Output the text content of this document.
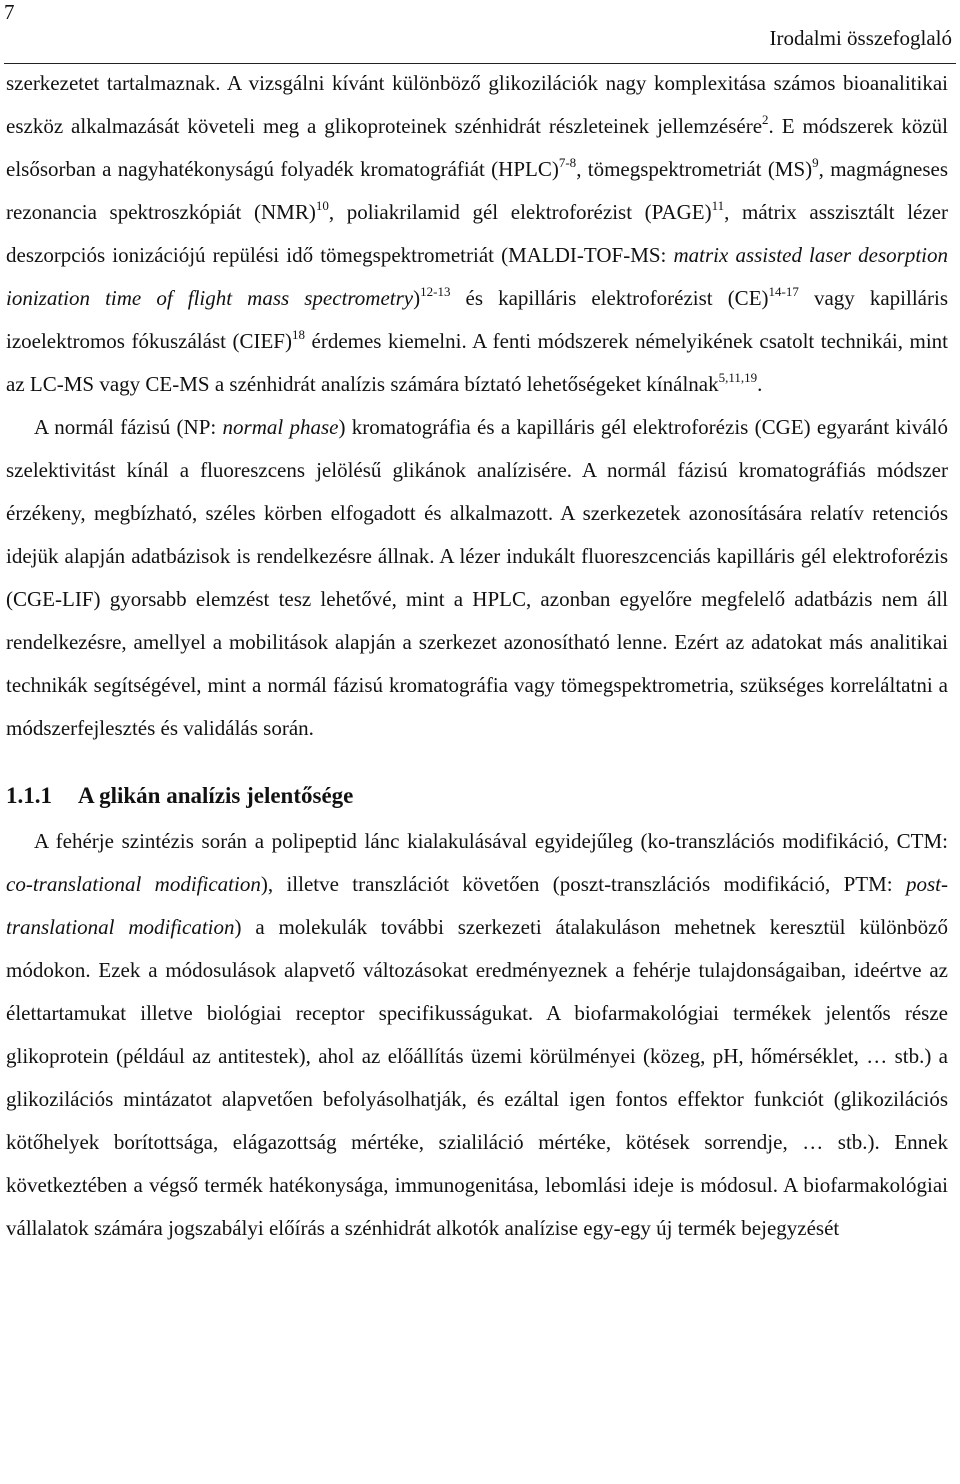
7
Irodalmi összefoglaló

szerkezetet tartalmaznak. A vizsgálni kívánt különböző glikozilációk nagy komplexitása számos bioanalitikai eszköz alkalmazását követeli meg a glikoproteinek szénhidrát részleteinek jellemzésére$^2$. E módszerek közül elsősorban a nagyhatékonyságú folyadék kromatográfiát (HPLC)$^{7-8}$, tömegspektrometriát (MS)$^9$, magmágneses rezonancia spektroszkópiát (NMR)$^{10}$, poliakrilamid gél elektroforézist (PAGE)$^{11}$, mátrix asszisztált lézer deszorpciós ionizációjú repülési idő tömegspektrometriát (MALDI-TOF-MS: matrix assisted laser desorption ionization time of flight mass spectrometry)$^{12-13}$ és kapilláris elektroforézist (CE)$^{14-17}$ vagy kapilláris izoelektromos fókuszálást (CIEF)$^{18}$ érdemes kiemelni. A fenti módszerek némelyikének csatolt technikái, mint az LC-MS vagy CE-MS a szénhidrát analízis számára bíztató lehetőségeket kínálnak$^{5,11,19}$.

A normál fázisú (NP: normal phase) kromatográfia és a kapilláris gél elektroforézis (CGE) egyaránt kiváló szelektivitást kínál a fluoreszcens jelölésű glikánok analízisére. A normál fázisú kromatográfiás módszer érzékeny, megbízható, széles körben elfogadott és alkalmazott. A szerkezetek azonosítására relatív retenciós idejük alapján adatbázisok is rendelkezésre állnak. A lézer indukált fluoreszcenciás kapilláris gél elektroforézis (CGE-LIF) gyorsabb elemzést tesz lehetővé, mint a HPLC, azonban egyelőre megfelelő adatbázis nem áll rendelkezésre, amellyel a mobilitások alapján a szerkezet azonosítható lenne. Ezért az adatokat más analitikai technikák segítségével, mint a normál fázisú kromatográfia vagy tömegspektrometria, szükséges korreláltatni a módszerfejlesztés és validálás során.

1.1.1 A glikán analízis jelentősége

A fehérje szintézis során a polipeptid lánc kialakulásával egyidejűleg (ko-transzlációs modifikáció, CTM: co-translational modification), illetve transzlációt követően (poszt-transzlációs modifikáció, PTM: post-translational modification) a molekulák további szerkezeti átalakuláson mehetnek keresztül különböző módokon. Ezek a módosulások alapvető változásokat eredményeznek a fehérje tulajdonságaiban, ideértve az élettartamukat illetve biológiai receptor specifikusságukat. A biofarmakológiai termékek jelentős része glikoprotein (például az antitestek), ahol az előállítás üzemi körülményei (közeg, pH, hőmérséklet, … stb.) a glikozilációs mintázatot alapvetően befolyásolhatják, és ezáltal igen fontos effektor funkciót (glikozilációs kötőhelyek borítottsága, elágazottság mértéke, szialiláció mértéke, kötések sorrendje, … stb.). Ennek következtében a végső termék hatékonysága, immunogenitása, lebomlási ideje is módosul. A biofarmakológiai vállalatok számára jogszabályi előírás a szénhidrát alkotók analízise egy-egy új termék bejegyzését
